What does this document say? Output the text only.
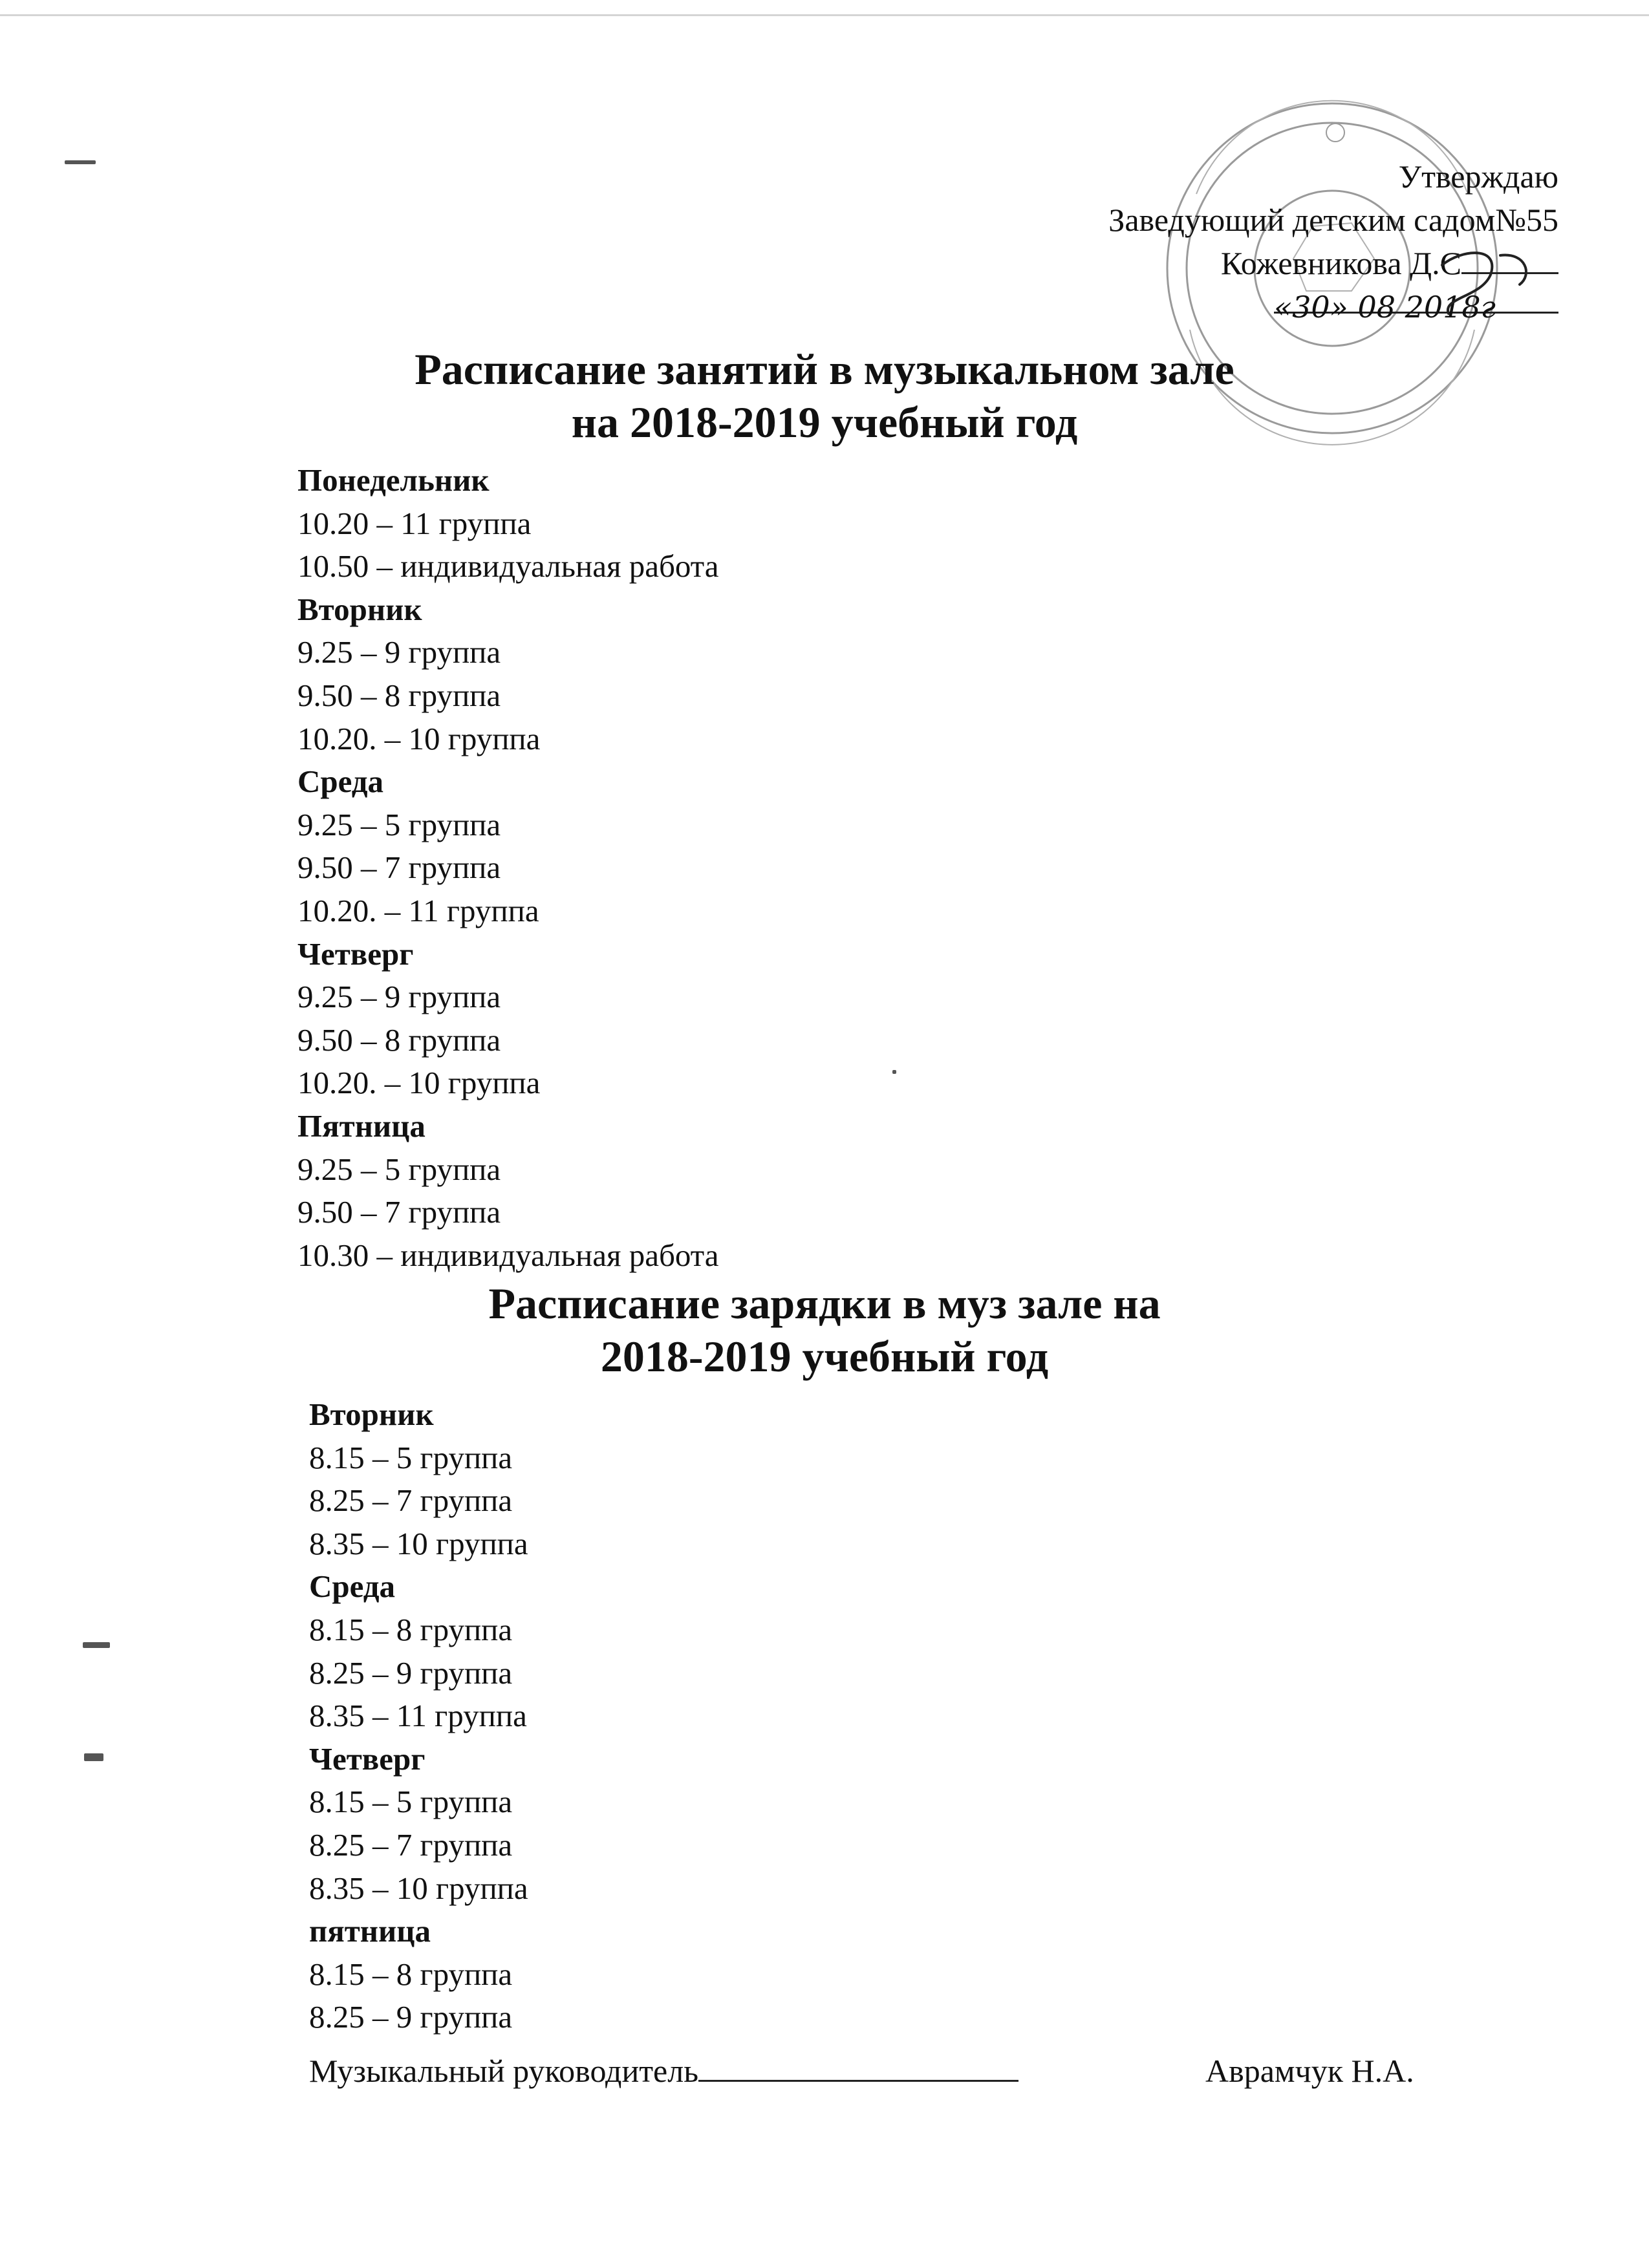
Утверждаю
Заведующий детским садом№55
Кожевникова Д.С
«30» 08 2018г
Расписание занятий в музыкальном зале
на 2018-2019 учебный год
Понедельник
10.20 – 11 группа
10.50 – индивидуальная работа
Вторник
9.25 – 9 группа
9.50 – 8 группа
10.20. – 10 группа
Среда
9.25 – 5 группа
9.50 – 7 группа
10.20. – 11 группа
Четверг
9.25 – 9 группа
9.50 – 8 группа
10.20. – 10 группа
Пятница
9.25 – 5 группа
9.50 – 7 группа
10.30 – индивидуальная работа
Расписание зарядки в муз зале на
2018-2019 учебный год
Вторник
8.15 – 5 группа
8.25 – 7 группа
8.35 – 10 группа
Среда
8.15 – 8 группа
8.25 – 9 группа
8.35 – 11 группа
Четверг
8.15 – 5 группа
8.25 – 7 группа
8.35 – 10 группа
пятница
8.15 – 8 группа
8.25 – 9 группа
Музыкальный руководитель	Аврамчук Н.А.
